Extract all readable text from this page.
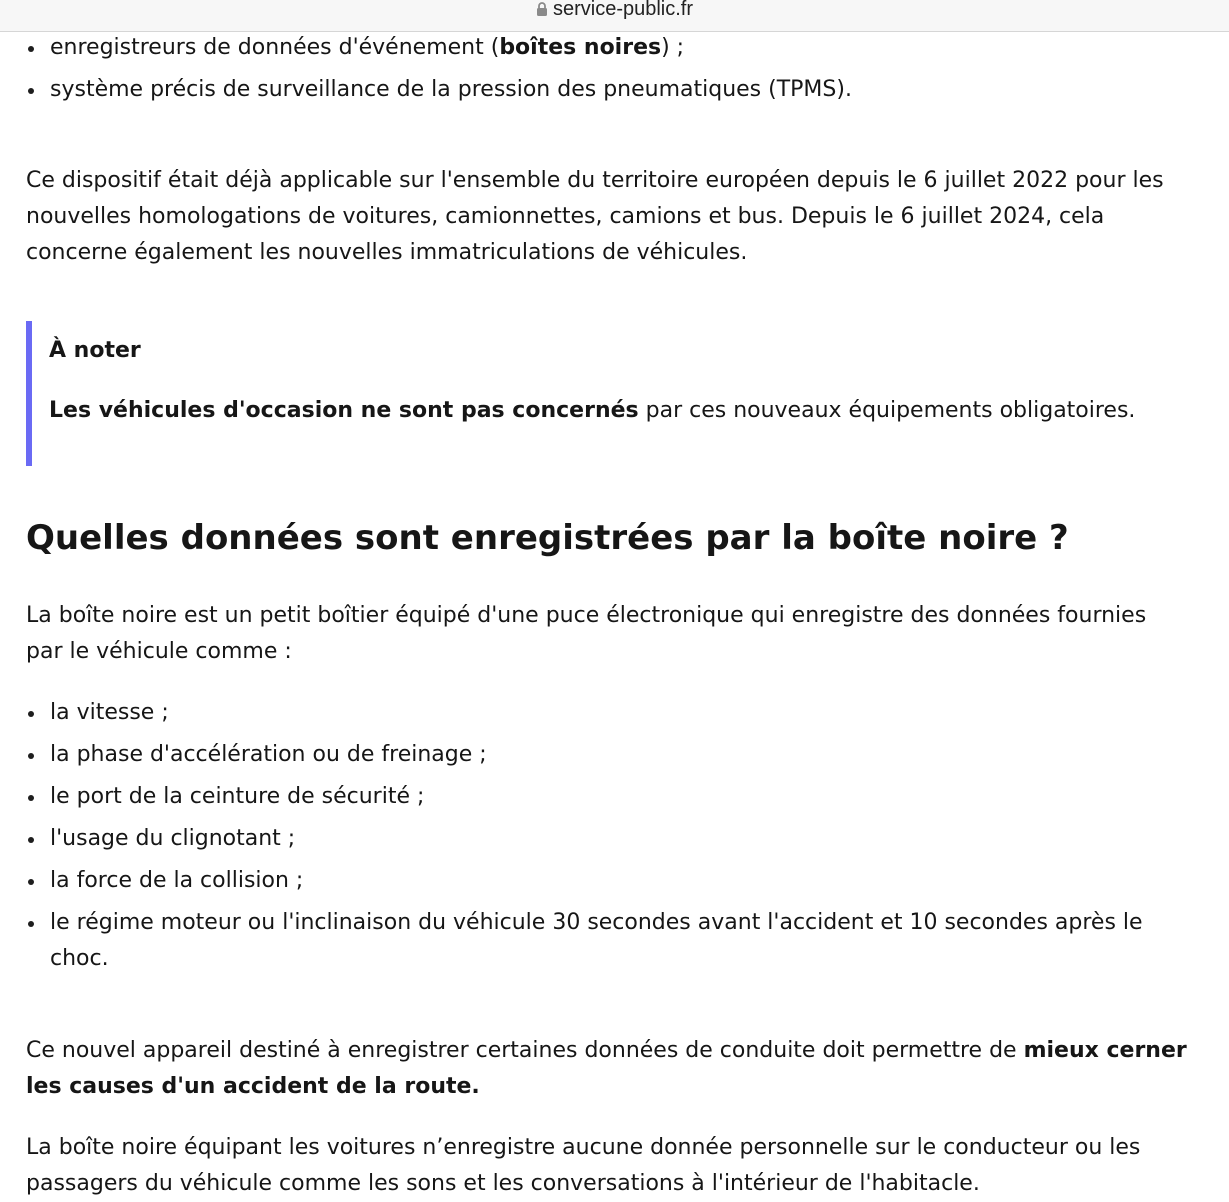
service-public.fr
enregistreurs de données d'événement (boîtes noires) ;
système précis de surveillance de la pression des pneumatiques (TPMS).

Ce dispositif était déjà applicable sur l'ensemble du territoire européen depuis le 6 juillet 2022 pour les
nouvelles homologations de voitures, camionnettes, camions et bus. Depuis le 6 juillet 2024, cela
concerne également les nouvelles immatriculations de véhicules.

À noter
Les véhicules d'occasion ne sont pas concernés par ces nouveaux équipements obligatoires.
Quelles données sont enregistrées par la boîte noire ?

La boîte noire est un petit boîtier équipé d'une puce électronique qui enregistre des données fournies
par le véhicule comme :

la vitesse ;
la phase d'accélération ou de freinage ;
le port de la ceinture de sécurité ;
l'usage du clignotant ;
la force de la collision ;
le régime moteur ou l'inclinaison du véhicule 30 secondes avant l'accident et 10 secondes après le
choc.

Ce nouvel appareil destiné à enregistrer certaines données de conduite doit permettre de mieux cerner
les causes d'un accident de la route.

La boîte noire équipant les voitures n’enregistre aucune donnée personnelle sur le conducteur ou les
passagers du véhicule comme les sons et les conversations à l'intérieur de l'habitacle.
